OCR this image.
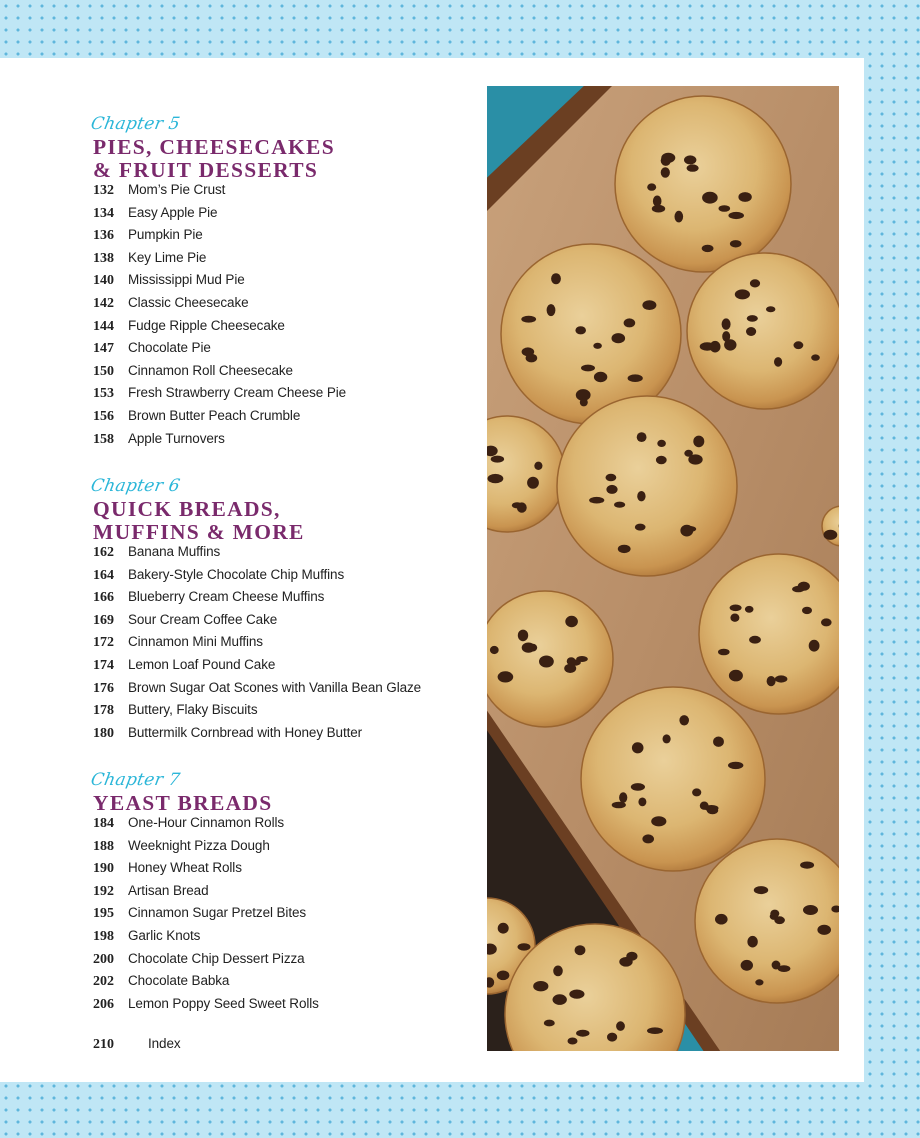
Chapter 5
PIES, CHEESECAKES
& FRUIT DESSERTS
132	Mom’s Pie Crust
134	Easy Apple Pie
136	Pumpkin Pie
138	Key Lime Pie
140	Mississippi Mud Pie
142	Classic Cheesecake
144	Fudge Ripple Cheesecake
147	Chocolate Pie
150	Cinnamon Roll Cheesecake
153	Fresh Strawberry Cream Cheese Pie
156	Brown Butter Peach Crumble
158	Apple Turnovers
Chapter 6
QUICK BREADS,
MUFFINS & MORE
162	Banana Muffins
164	Bakery-Style Chocolate Chip Muffins
166	Blueberry Cream Cheese Muffins
169	Sour Cream Coffee Cake
172	Cinnamon Mini Muffins
174	Lemon Loaf Pound Cake
176	Brown Sugar Oat Scones with Vanilla Bean Glaze
178	Buttery, Flaky Biscuits
180	Buttermilk Cornbread with Honey Butter
Chapter 7
YEAST BREADS
184	One-Hour Cinnamon Rolls
188	Weeknight Pizza Dough
190	Honey Wheat Rolls
192	Artisan Bread
195	Cinnamon Sugar Pretzel Bites
198	Garlic Knots
200	Chocolate Chip Dessert Pizza
202	Chocolate Babka
206	Lemon Poppy Seed Sweet Rolls
210	Index
